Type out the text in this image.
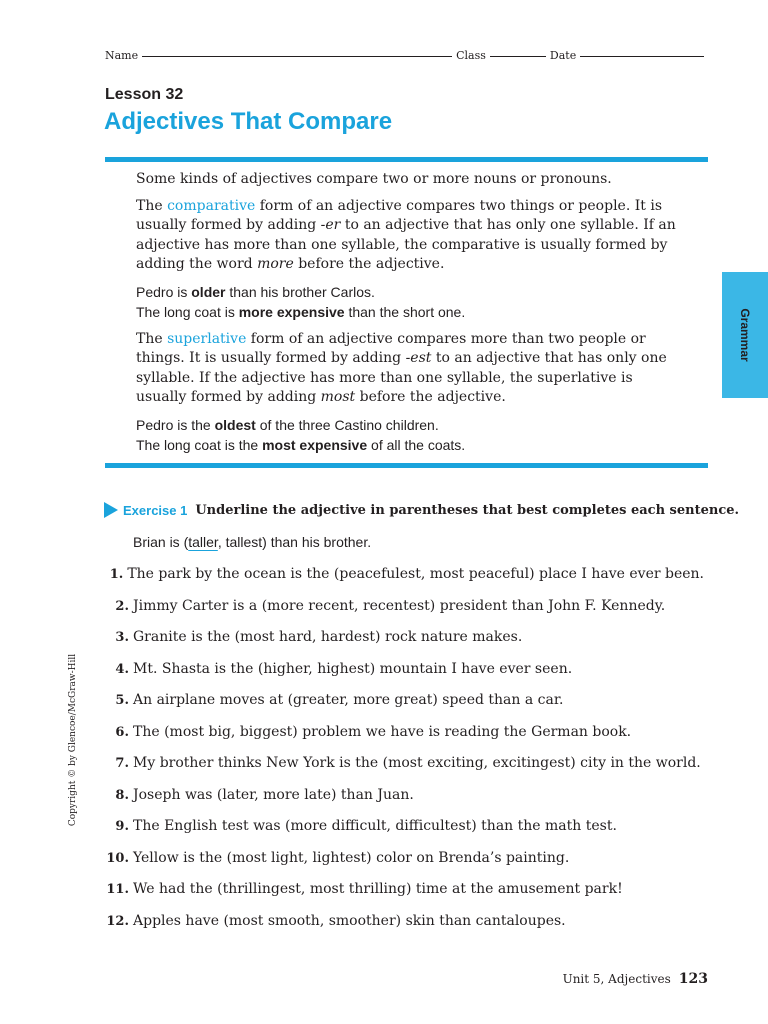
Name	Class	Date
Lesson 32
Adjectives That Compare

Some kinds of adjectives compare two or more nouns or pronouns.

The comparative form of an adjective compares two things or people. It is usually formed by adding -er to an adjective that has only one syllable. If an adjective has more than one syllable, the comparative is usually formed by adding the word more before the adjective.

Pedro is older than his brother Carlos.
The long coat is more expensive than the short one.

The superlative form of an adjective compares more than two people or things. It is usually formed by adding -est to an adjective that has only one syllable. If the adjective has more than one syllable, the superlative is usually formed by adding most before the adjective.

Pedro is the oldest of the three Castino children.
The long coat is the most expensive of all the coats.
Grammar
Copyright © by Glencoe/McGraw-Hill
Exercise 1 Underline the adjective in parentheses that best completes each sentence.
Brian is (taller, tallest) than his brother.
1. The park by the ocean is the (peacefulest, most peaceful) place I have ever been.
2. Jimmy Carter is a (more recent, recentest) president than John F. Kennedy.
3. Granite is the (most hard, hardest) rock nature makes.
4. Mt. Shasta is the (higher, highest) mountain I have ever seen.
5. An airplane moves at (greater, more great) speed than a car.
6. The (most big, biggest) problem we have is reading the German book.
7. My brother thinks New York is the (most exciting, excitingest) city in the world.
8. Joseph was (later, more late) than Juan.
9. The English test was (more difficult, difficultest) than the math test.
10. Yellow is the (most light, lightest) color on Brenda’s painting.
11. We had the (thrillingest, most thrilling) time at the amusement park!
12. Apples have (most smooth, smoother) skin than cantaloupes.
Unit 5, Adjectives 123
